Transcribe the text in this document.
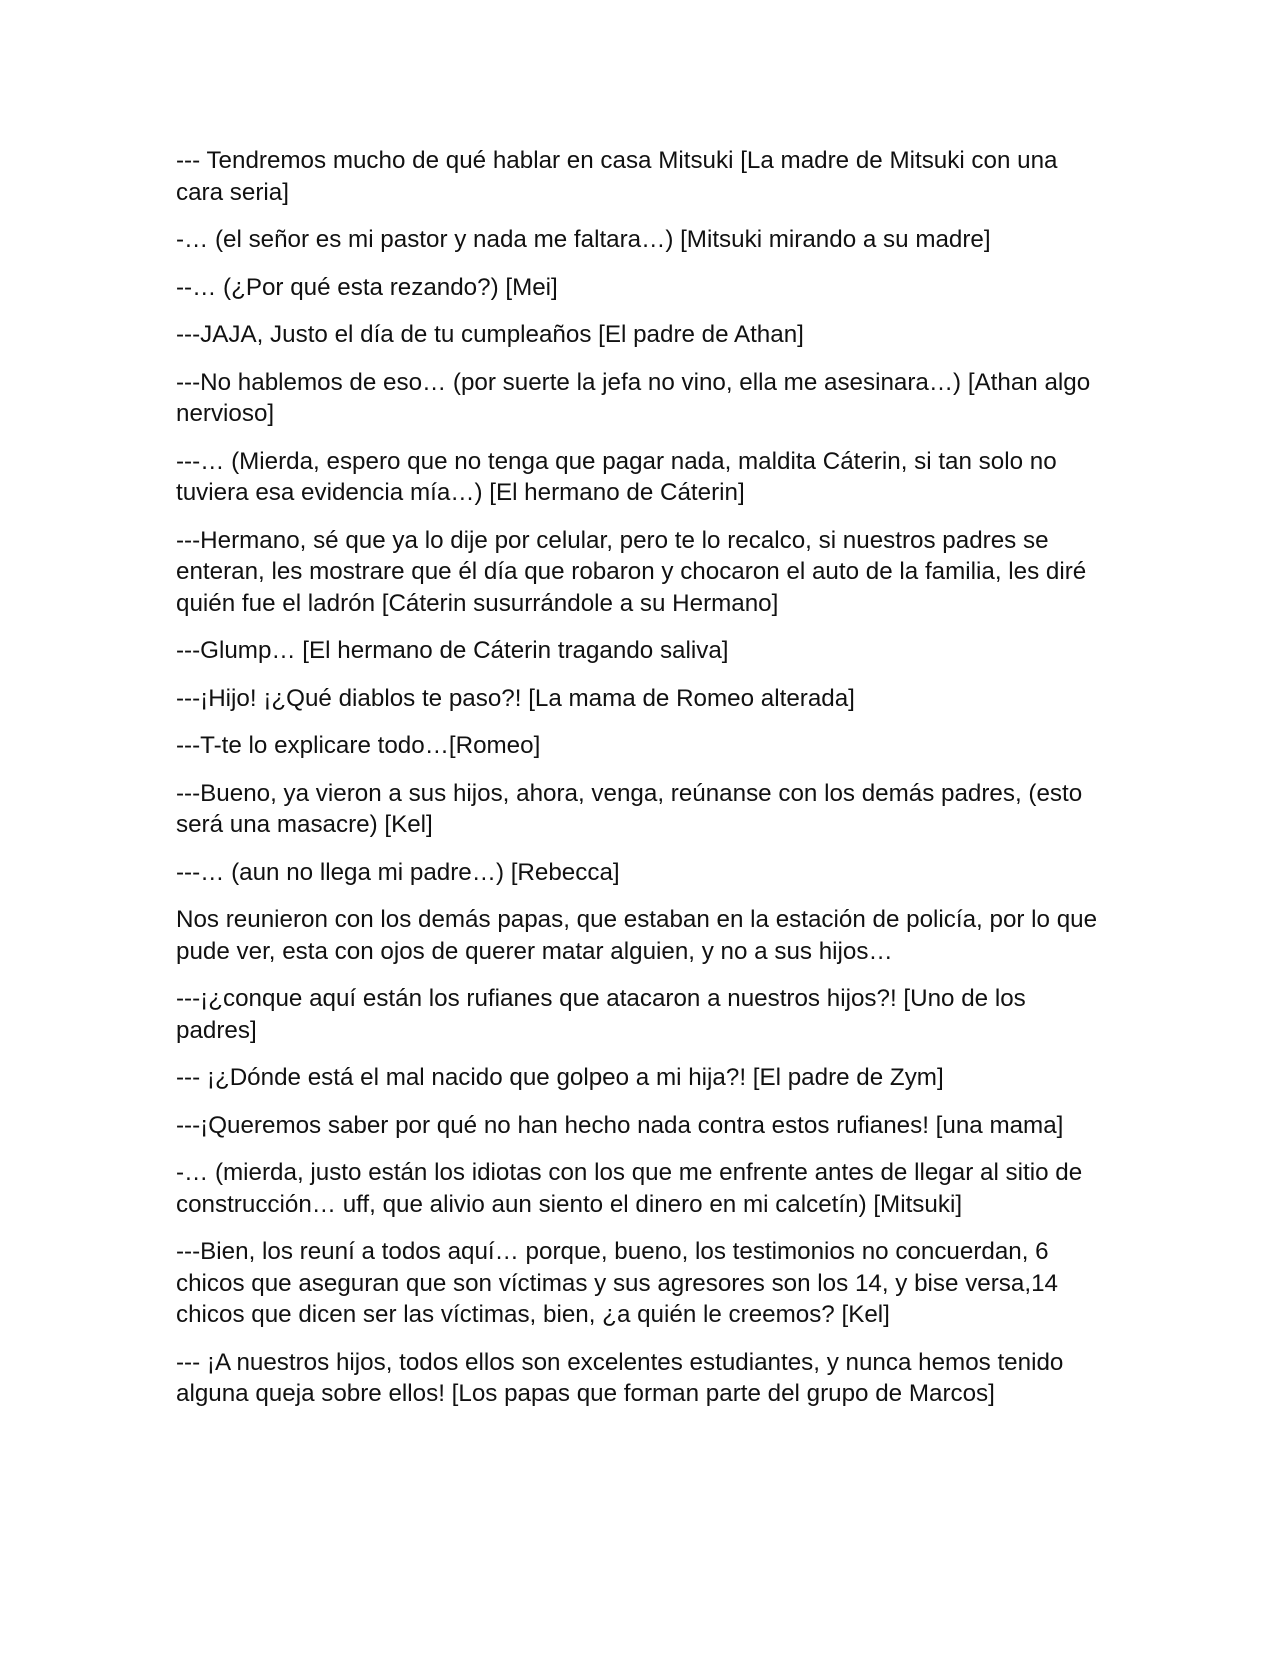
--- Tendremos mucho de qué hablar en casa Mitsuki [La madre de Mitsuki con una cara seria]

-… (el señor es mi pastor y nada me faltara…) [Mitsuki mirando a su madre]

--… (¿Por qué esta rezando?) [Mei]

---JAJA, Justo el día de tu cumpleaños [El padre de Athan]

---No hablemos de eso… (por suerte la jefa no vino, ella me asesinara…) [Athan algo nervioso]

---… (Mierda, espero que no tenga que pagar nada, maldita Cáterin, si tan solo no tuviera esa evidencia mía…) [El hermano de Cáterin]

---Hermano, sé que ya lo dije por celular, pero te lo recalco, si nuestros padres se enteran, les mostrare que él día que robaron y chocaron el auto de la familia, les diré quién fue el ladrón [Cáterin susurrándole a su Hermano]

---Glump… [El hermano de Cáterin tragando saliva]

---¡Hijo! ¡¿Qué diablos te paso?! [La mama de Romeo alterada]

---T-te lo explicare todo…[Romeo]

---Bueno, ya vieron a sus hijos, ahora, venga, reúnanse con los demás padres, (esto será una masacre) [Kel]

---… (aun no llega mi padre…) [Rebecca]

Nos reunieron con los demás papas, que estaban en la estación de policía, por lo que pude ver, esta con ojos de querer matar alguien, y no a sus hijos…

---¡¿conque aquí están los rufianes que atacaron a nuestros hijos?! [Uno de los padres]

--- ¡¿Dónde está el mal nacido que golpeo a mi hija?! [El padre de Zym]

---¡Queremos saber por qué no han hecho nada contra estos rufianes! [una mama]

-… (mierda, justo están los idiotas con los que me enfrente antes de llegar al sitio de construcción… uff, que alivio aun siento el dinero en mi calcetín) [Mitsuki]

---Bien, los reuní a todos aquí… porque, bueno, los testimonios no concuerdan, 6 chicos que aseguran que son víctimas y sus agresores son los 14, y bise versa,14 chicos que dicen ser las víctimas, bien, ¿a quién le creemos? [Kel]

--- ¡A nuestros hijos, todos ellos son excelentes estudiantes, y nunca hemos tenido alguna queja sobre ellos! [Los papas que forman parte del grupo de Marcos]
